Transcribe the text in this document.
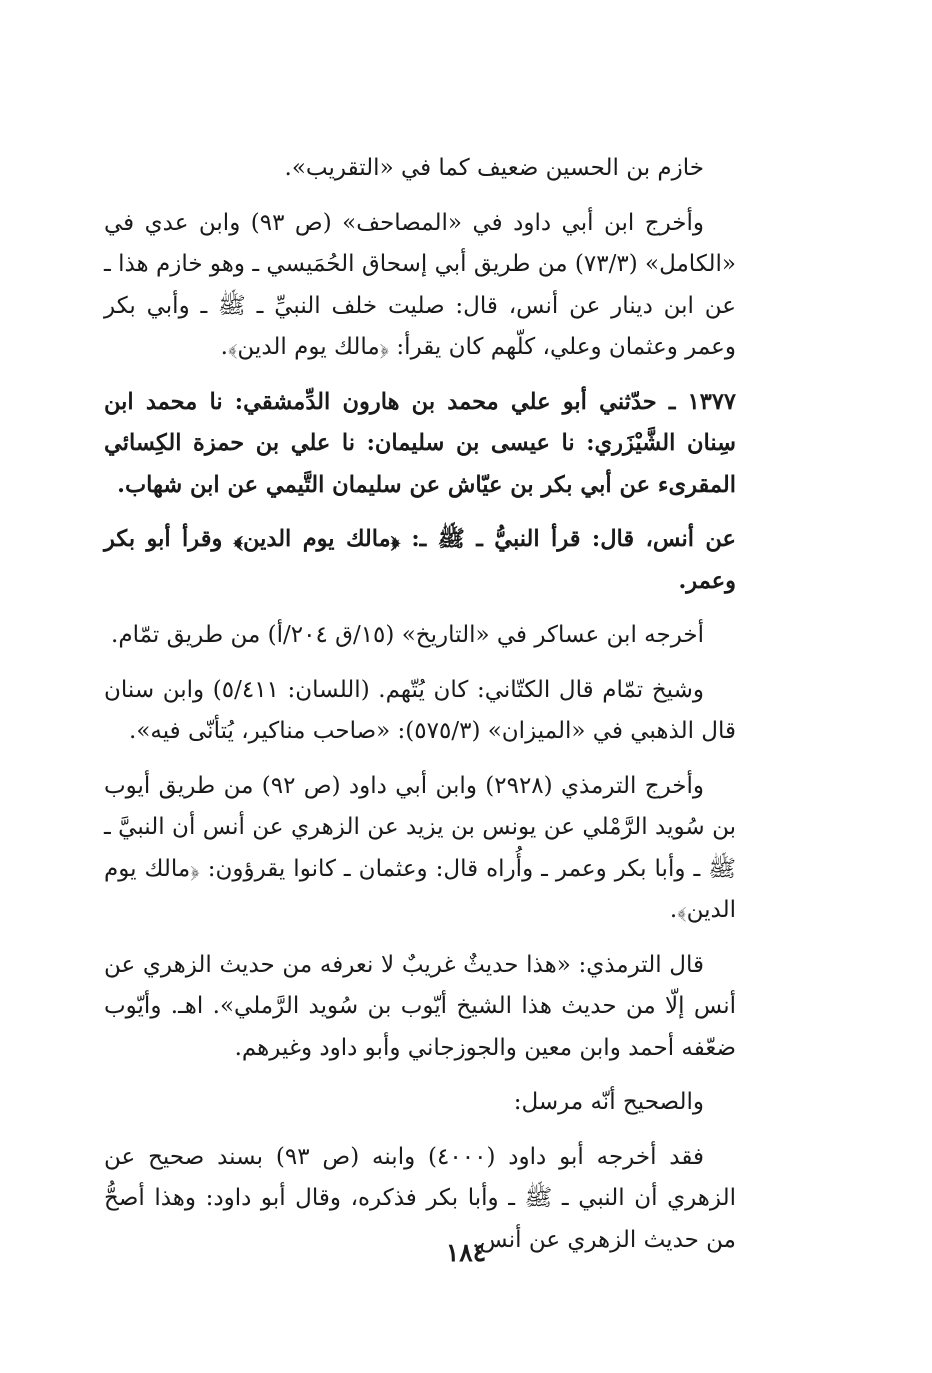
خازم بن الحسين ضعيف كما في «التقريب».

وأخرج ابن أبي داود في «المصاحف» (ص ٩٣) وابن عدي في «الكامل» (٧٣/٣) من طريق أبي إسحاق الحُمَيسي ـ وهو خازم هذا ـ عن ابن دينار عن أنس، قال: صليت خلف النبيِّ ـ ﷺ ـ وأبي بكر وعمر وعثمان وعلي، كلّهم كان يقرأ: ﴿مالك يوم الدين﴾.

١٣٧٧ ـ حدّثني أبو علي محمد بن هارون الدِّمشقي: نا محمد ابن سِنان الشَّيْزَري: نا عيسى بن سليمان: نا علي بن حمزة الكِسائي المقرىء عن أبي بكر بن عيّاش عن سليمان التَّيمي عن ابن شهاب.

عن أنس، قال: قرأ النبيُّ ـ ﷺ ـ: ﴿مالك يوم الدين﴾ وقرأ أبو بكر وعمر.

أخرجه ابن عساكر في «التاريخ» (١٥/ق ٢٠٤/أ) من طريق تمّام.

وشيخ تمّام قال الكتّاني: كان يُتّهم. (اللسان: ٥/٤١١) وابن سنان قال الذهبي في «الميزان» (٥٧٥/٣): «صاحب مناكير، يُتأنّى فيه».

وأخرج الترمذي (٢٩٢٨) وابن أبي داود (ص ٩٢) من طريق أيوب بن سُويد الرَّمْلي عن يونس بن يزيد عن الزهري عن أنس أن النبيَّ ـ ﷺ ـ وأبا بكر وعمر ـ وأُراه قال: وعثمان ـ كانوا يقرؤون: ﴿مالك يوم الدين﴾.

قال الترمذي: «هذا حديثٌ غريبٌ لا نعرفه من حديث الزهري عن أنس إلّا من حديث هذا الشيخ أيّوب بن سُويد الرَّملي». اهـ. وأيّوب ضعّفه أحمد وابن معين والجوزجاني وأبو داود وغيرهم.

والصحيح أنّه مرسل:

فقد أخرجه أبو داود (٤٠٠٠) وابنه (ص ٩٣) بسند صحيح عن الزهري أن النبي ـ ﷺ ـ وأبا بكر فذكره، وقال أبو داود: وهذا أصحُّ من حديث الزهري عن أنس.

١٨٤
